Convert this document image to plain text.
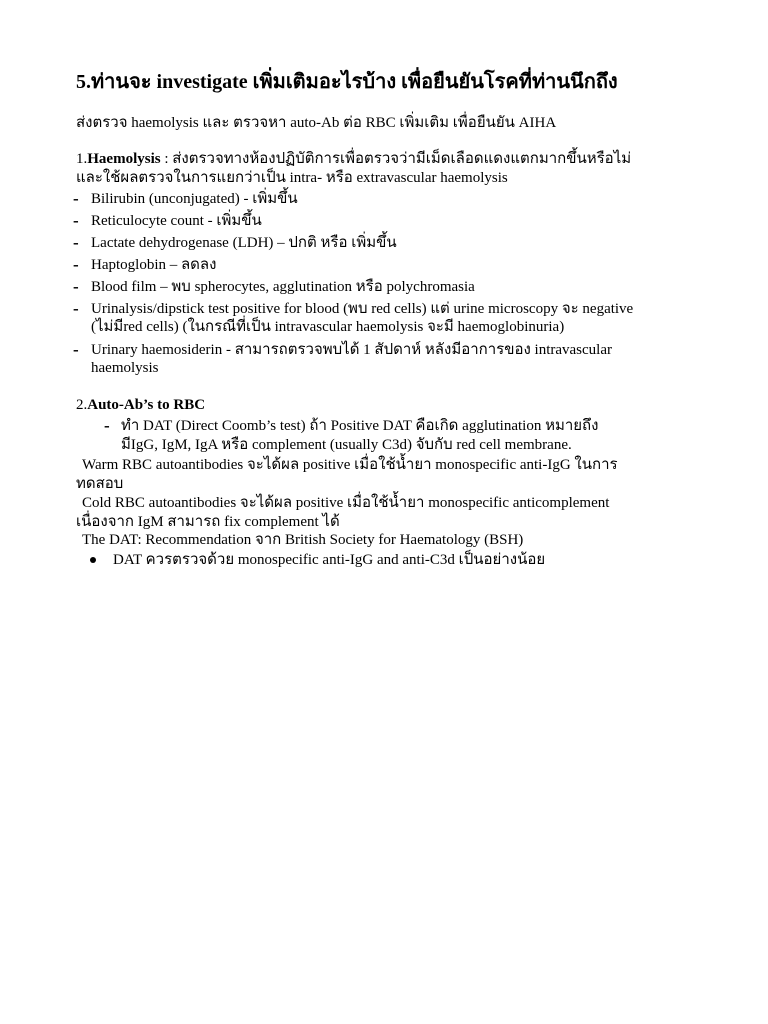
5.ท่านจะ investigate เพิ่มเติมอะไรบ้าง เพื่อยืนยันโรคที่ท่านนึกถึง
ส่งตรวจ haemolysis และ ตรวจหา auto-Ab ต่อ RBC เพิ่มเติม เพื่อยืนยัน AIHA
1.Haemolysis : ส่งตรวจทางห้องปฏิบัติการเพื่อตรวจว่ามีเม็ดเลือดแดงแตกมากขึ้นหรือไม่
และใช้ผลตรวจในการแยกว่าเป็น intra- หรือ extravascular haemolysis
- Bilirubin (unconjugated) - เพิ่มขึ้น
- Reticulocyte count - เพิ่มขึ้น
- Lactate dehydrogenase (LDH) – ปกติ หรือ เพิ่มขึ้น
- Haptoglobin – ลดลง
- Blood film – พบ spherocytes, agglutination หรือ polychromasia
- Urinalysis/dipstick test positive for blood (พบ red cells) แต่ urine microscopy จะ negative
(ไม่มีred cells) (ในกรณีที่เป็น intravascular haemolysis จะมี haemoglobinuria)
- Urinary haemosiderin - สามารถตรวจพบได้ 1 สัปดาห์ หลังมีอาการของ intravascular
haemolysis
2.Auto-Ab’s to RBC
- ทำ DAT (Direct Coomb’s test) ถ้า Positive DAT คือเกิด agglutination หมายถึง
มีIgG, IgM, IgA หรือ complement (usually C3d) จับกับ red cell membrane.
Warm RBC autoantibodies จะได้ผล positive เมื่อใช้น้ำยา monospecific anti-IgG ในการ
ทดสอบ
Cold RBC autoantibodies จะได้ผล positive เมื่อใช้น้ำยา monospecific anticomplement
เนื่องจาก IgM สามารถ fix complement ได้
The DAT: Recommendation จาก British Society for Haematology (BSH)
DAT ควรตรวจด้วย monospecific anti-IgG and anti-C3d เป็นอย่างน้อย
